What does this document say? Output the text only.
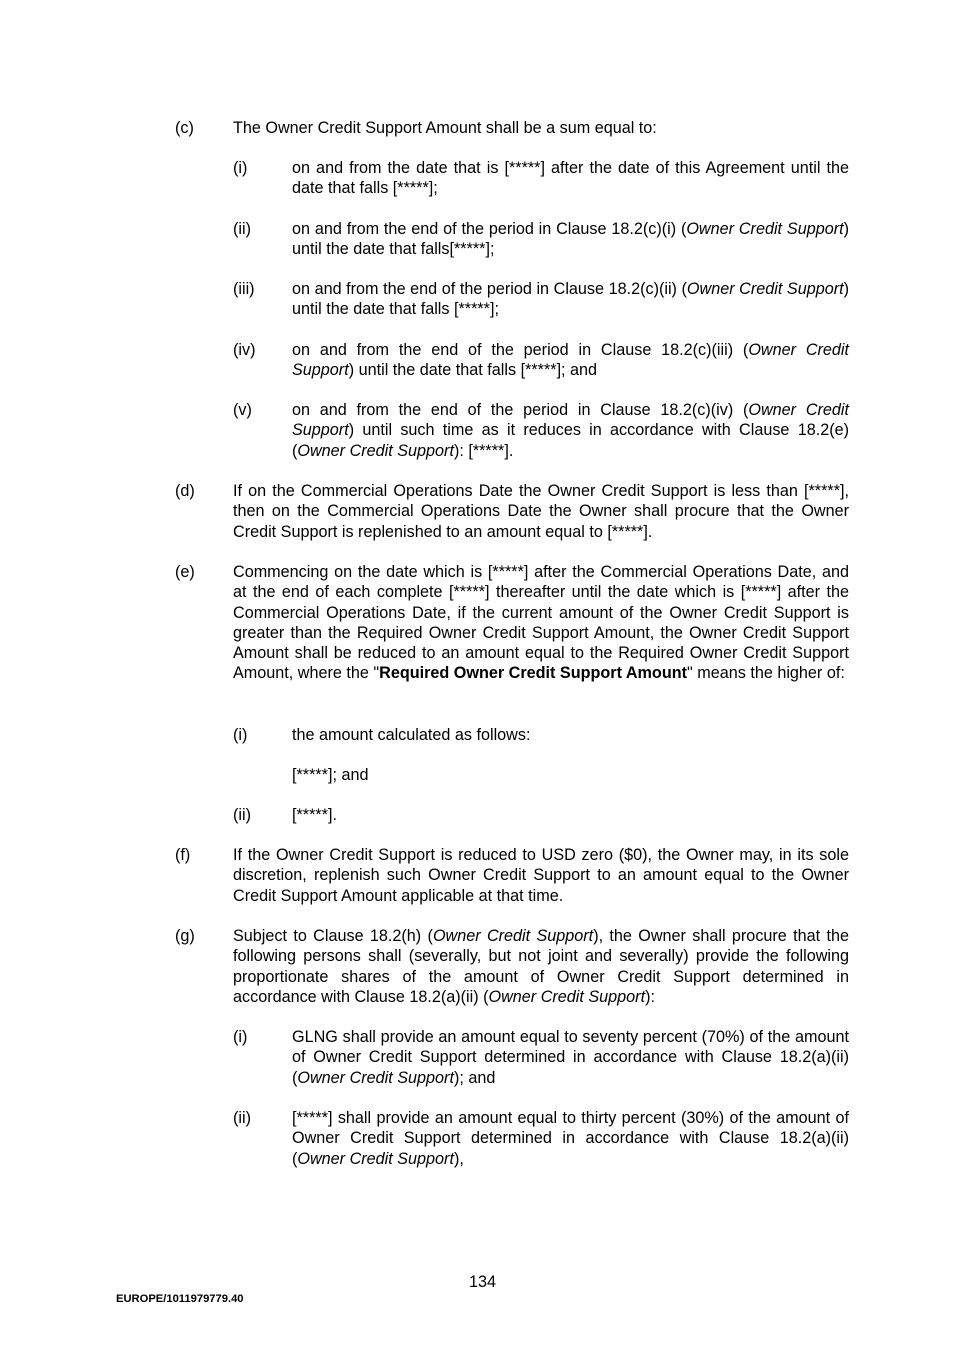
(c) The Owner Credit Support Amount shall be a sum equal to:
(i)	on and from the date that is [*****] after the date of this Agreement until the date that falls [*****];
(ii)	on and from the end of the period in Clause 18.2(c)(i) (Owner Credit Support) until the date that falls[*****];
(iii) on and from the end of the period in Clause 18.2(c)(ii) (Owner Credit Support) until the date that falls [*****];
(iv) on and from the end of the period in Clause 18.2(c)(iii) (Owner Credit Support) until the date that falls [*****]; and
(v) on and from the end of the period in Clause 18.2(c)(iv) (Owner Credit Support) until such time as it reduces in accordance with Clause 18.2(e) (Owner Credit Support): [*****].
(d) If on the Commercial Operations Date the Owner Credit Support is less than [*****], then on the Commercial Operations Date the Owner shall procure that the Owner Credit Support is replenished to an amount equal to [*****].
(e) Commencing on the date which is [*****] after the Commercial Operations Date, and at the end of each complete [*****] thereafter until the date which is [*****] after the Commercial Operations Date, if the current amount of the Owner Credit Support is greater than the Required Owner Credit Support Amount, the Owner Credit Support Amount shall be reduced to an amount equal to the Required Owner Credit Support Amount, where the "Required Owner Credit Support Amount" means the higher of:
(i)	the amount calculated as follows:
[*****]; and
(ii)	[*****].
(f)	If the Owner Credit Support is reduced to USD zero ($0), the Owner may, in its sole discretion, replenish such Owner Credit Support to an amount equal to the Owner Credit Support Amount applicable at that time.
(g) Subject to Clause 18.2(h) (Owner Credit Support), the Owner shall procure that the following persons shall (severally, but not joint and severally) provide the following proportionate shares of the amount of Owner Credit Support determined in accordance with Clause 18.2(a)(ii) (Owner Credit Support):
(i)	GLNG shall provide an amount equal to seventy percent (70%) of the amount of Owner Credit Support determined in accordance with Clause 18.2(a)(ii) (Owner Credit Support); and
(ii)	[*****] shall provide an amount equal to thirty percent (30%) of the amount of Owner Credit Support determined in accordance with Clause 18.2(a)(ii) (Owner Credit Support),
134
EUROPE/1011979779.40
